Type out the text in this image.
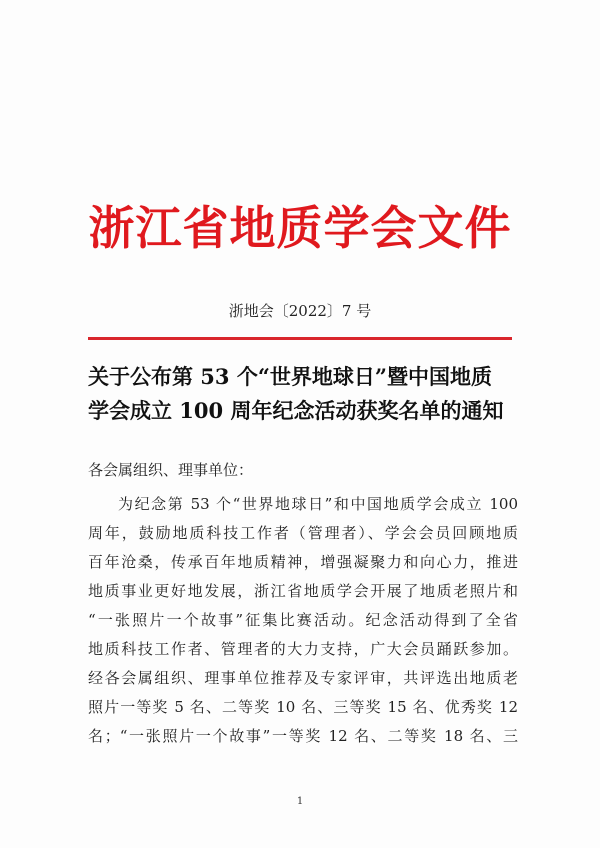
浙江省地质学会文件
浙地会〔2022〕7 号
关于公布第 53 个“世界地球日”暨中国地质
学会成立 100 周年纪念活动获奖名单的通知
各会属组织、理事单位：
为纪念第 53 个“世界地球日”和中国地质学会成立 100
周年，鼓励地质科技工作者（管理者）、学会会员回顾地质
百年沧桑，传承百年地质精神，增强凝聚力和向心力，推进
地质事业更好地发展，浙江省地质学会开展了地质老照片和
“一张照片一个故事”征集比赛活动。纪念活动得到了全省
地质科技工作者、管理者的大力支持，广大会员踊跃参加。
经各会属组织、理事单位推荐及专家评审，共评选出地质老
照片一等奖 5 名、二等奖 10 名、三等奖 15 名、优秀奖 12
名；“一张照片一个故事”一等奖 12 名、二等奖 18 名、三
1
